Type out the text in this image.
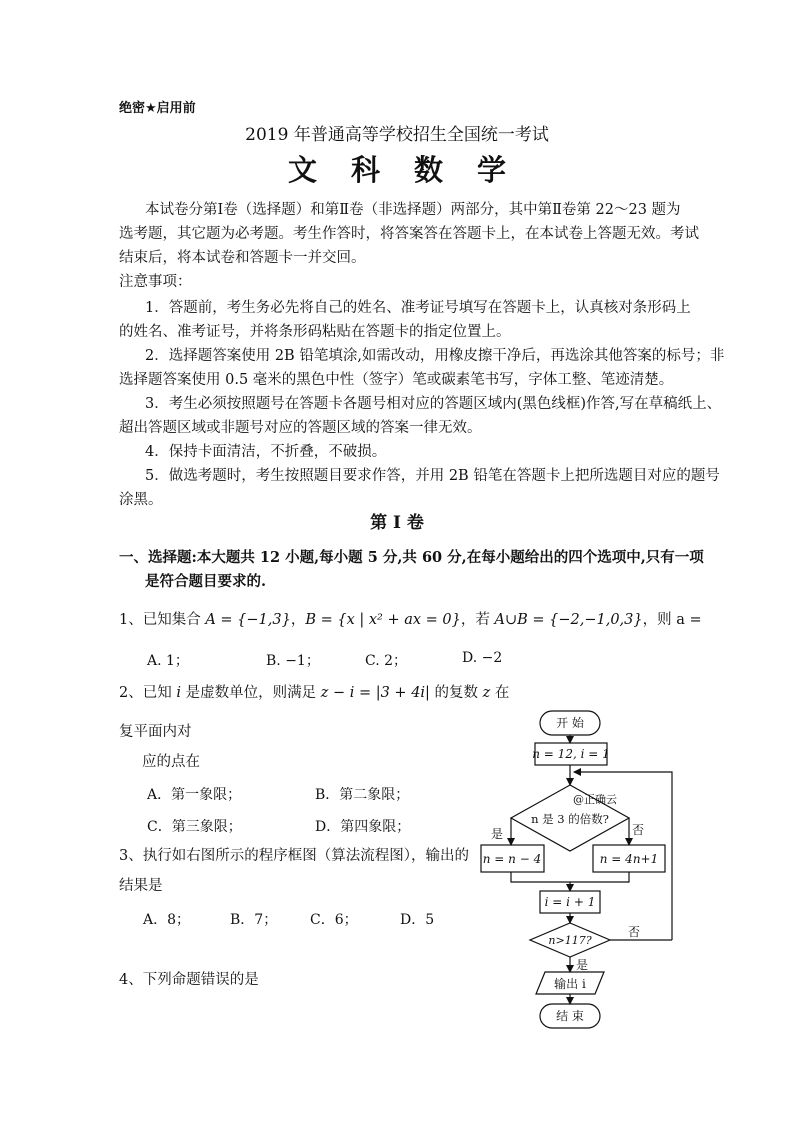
绝密★启用前
2019 年普通高等学校招生全国统一考试
文科数学
本试卷分第Ⅰ卷（选择题）和第Ⅱ卷（非选择题）两部分，其中第Ⅱ卷第 22～23 题为
选考题，其它题为必考题。考生作答时，将答案答在答题卡上，在本试卷上答题无效。考试
结束后，将本试卷和答题卡一并交回。
注意事项：
1．答题前，考生务必先将自己的姓名、准考证号填写在答题卡上，认真核对条形码上
的姓名、准考证号，并将条形码粘贴在答题卡的指定位置上。
2．选择题答案使用 2B 铅笔填涂,如需改动，用橡皮擦干净后，再选涂其他答案的标号；非
选择题答案使用 0.5 毫米的黑色中性（签字）笔或碳素笔书写，字体工整、笔迹清楚。
3．考生必须按照题号在答题卡各题号相对应的答题区域内(黑色线框)作答,写在草稿纸上、
超出答题区域或非题号对应的答题区域的答案一律无效。
4．保持卡面清洁，不折叠，不破损。
5．做选考题时，考生按照题目要求作答，并用 2B 铅笔在答题卡上把所选题目对应的题号
涂黑。
第 Ⅰ 卷
一、选择题:本大题共 12 小题,每小题 5 分,共 60 分,在每小题给出的四个选项中,只有一项
是符合题目要求的.
1、已知集合 A = {−1,3}，B = {x | x² + ax = 0}，若 A∪B = {−2,−1,0,3}，则 a =
A. 1；	B. −1；	C. 2；	D. −2
2、已知 i 是虚数单位，则满足 z − i = |3 + 4i| 的复数 z 在
复平面内对
应的点在
A．第一象限；	B．第二象限；
C．第三象限；	D．第四象限；
3、执行如右图所示的程序框图（算法流程图），输出的
结果是
A．8；	B．7； C．6；	D．5
4、下列命题错误的是
开 始
n = 12, i = 1
@正确云
n 是 3 的倍数?
是	否
n = n − 4	n = 4n+1
i = i + 1
n>117?
否
是
输出 i
结 束
